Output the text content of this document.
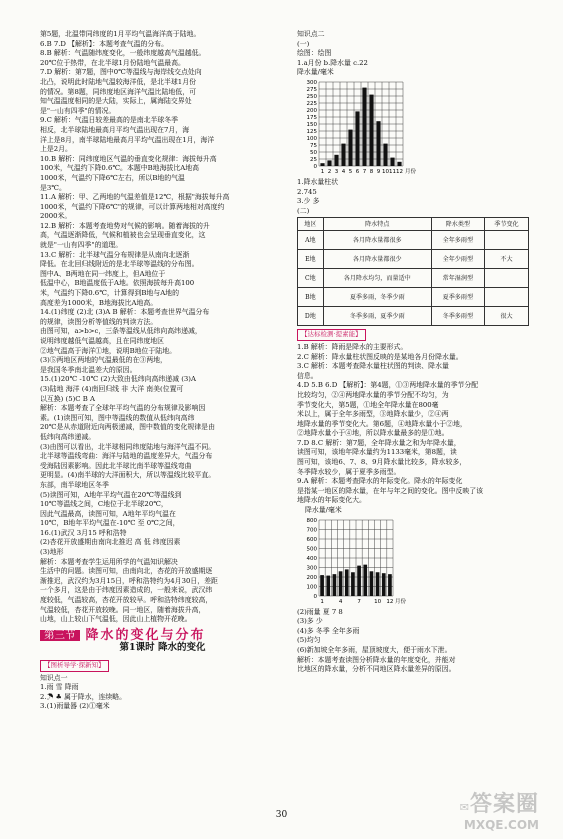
第5题，北温带同纬度的1月平均气温海洋高于陆地。

6.B 7.D 【解析】：本题考查气温的分布。

8.B 解析：气温随纬度变化，一般纬度越高气温越低。

20℃位于热带，在北半球1月份陆地气温最高。

7.D 解析：第7题，图中0℃等温线与海岸线交点处向

北凸，说明此时陆地气温较海洋低，是北半球1月份

的情况。第8题，同纬度地区海洋气温比陆地低，可

知气温温度相同的是大陆，实际上，属海陆交界处

是"一山有四季"的情况。

9.C 解析：气温日较差最高的是南北半球冬季

相反，北半球陆地最高月平均气温出现在7月，海

洋上是8月，南半球陆地最高月平均气温出现在1月，海洋

上是2月。

10.B 解析：同纬度地区气温的垂直变化规律：海拔每升高

100米，气温约下降0.6℃。本题中B地海拔比A地高

1000米，气温约下降6℃左右，所以B地的气温

是3℃。

11.A 解析：甲、乙两地的气温差值是12℃，根据"海拔每升高

1000米，气温约下降6℃"的规律，可以计算两地相对高度约

2000米。

12.B 解析：本题考查地势对气候的影响。随着海拔的升

高，气温逐渐降低，气候和植被也会呈现垂直变化，这

就是"一山有四季"的道理。

13.C 解析：北半球气温分布规律是从南向北逐渐

降低。在北回归线附近的是北半球等温线的分布图。

图中A、B两地在同一纬度上，但A地位于

低温中心，B地温度低于A地。依照海拔每升高100

米，气温约下降0.6℃，计算得到B地与A地的

高度差为1000米，B地海拔比A地高。

14.(1)纬度 (2)北 (3)A B 解析：本题考查世界气温分布

的规律，读图分析等值线的判读方法。

由图可知，a>b>c，三条等温线从低纬向高纬递减，

说明纬度越低气温越高，且在同纬度地区

②地气温高于海洋①地，说明B地位于陆地。

(3)⑤两地区两地的气温最低的在③两地，

是我国冬季南北温差大的原因。

15.(1)20℃ -10℃ (2)大致由低纬向高纬递减 (3)A

(3)陆地 海洋 (4)南回归线 非 大洋 南美(位置可

以互换) (5)C B A

解析：本题考查了全球年平均气温的分布规律及影响因

素。(1)读图可知，图中等温线的数值从低纬向高纬

20℃是从赤道附近向两极递减，图中数值的变化规律是由

低纬向高纬递减。

(3)由图可以看出，北半球相同纬度陆地与海洋气温不同。

北半球等温线弯曲：海洋与陆地的温度差异大，气温分布

受海陆因素影响。因此北半球比南半球等温线弯曲

更明显。(4)南半球的大洋面积大，所以等温线比较平直。

东部，南半球地区冬季

(5)读图可知，A地年平均气温在20℃等温线到

10℃等温线之间，C地位于北半球20℃，

因此气温最高，读图可知，A地年平均气温在

10℃，B地年平均气温在-10℃ 至 0℃之间，

16.(1)武汉 3月15 呼和浩特

(2)杏花开放盛期由南向北推迟 高 低 纬度因素

(3)地形

解析：本题考查学生运用所学的气温知识解决

生活中的问题。读图可知，由南向北，杏花的开放盛期逐

渐推迟，武汉约为3月15日，呼和浩特约为4月30日，差距

一个多月，这是由于纬度因素造成的，一般来说，武汉纬

度较低，气温较高，杏花开放较早。呼和浩特纬度较高，

气温较低，杏花开放较晚。同一地区，随着海拔升高，

山地，山上较山下气温低，因此山上植物开花晚。

第三节 降水的变化与分布
第1课时 降水的变化
【图析导学·探新知】

知识点一

1.雨 雪 降雨

2.☂ ♣ 属于降水，连续略。

3.(1)雨量器 (2)①毫米

知识点二

(一)

绘图：绘图

1.a月份 b.降水量 c.22

降水量/毫米

0
25
50
75
100
125
150
175
200
225
250
275
300
1 2 3 4 5 6 7 8 9 10 11 12 月份

1.降水量柱状

2.745

3.少 多

(二)

地区	降水特点	降水类型	季节变化
A地	各月降水量都很多	全年多雨型	
E地	各月降水量都很少	全年少雨型	不大
C地	各月降水均匀，而量适中	常年湿润型	
B地	夏季多雨，冬季少雨	夏季多雨型	
D地	冬季多雨，夏季少雨	冬季多雨型	很大
【达标检测·提素能】

1.B 解析：降雨是降水的主要形式。

2.C 解析：降水量柱状图反映的是某地各月份降水量。

3.C 解析：本题考查降水量柱状图的判读、降水量

信息。

4.D 5.B 6.D 【解析】：第4题，①③两地降水量的季节分配

比较均匀，②④两地降水量的季节分配不均匀，为

季节变化大，第5题，①地全年降水量在800毫

米以上，属于全年多雨型，③地降水量少，②④两

地降水量的季节变化大。第6题，④地降水量小于②地，

②地降水量小于④地，所以降水量最多的是①地。

7.D 8.C 解析：第7题，全年降水量之和为年降水量，

读图可知，该地年降水量约为1133毫米，第8题，读

图可知，该地6、7、8、9月降水量比较多，降水较多，

冬季降水较少，属于夏季多雨型。

9.A 解析：本题考查降水的年际变化。降水的年际变化

是指某一地区的降水量，在年与年之间的变化。图中反映了该

地降水的年际变化大。

降水量/毫米

0
100
200
300
400
500
600
700
800
1	4	7 10 12 月份

(2)雨量 夏 7 8

(3)多 少

(4)多 冬季 全年多雨

(5)均匀

(6)新加坡全年多雨，屋顶坡度大，便于雨水下泄。

解析：本题考查读图分析降水量的年度变化，并能对

比地区的降水量，分析不同地区降水量差异的原因。

30
✉答案圈
MXQE.COM
